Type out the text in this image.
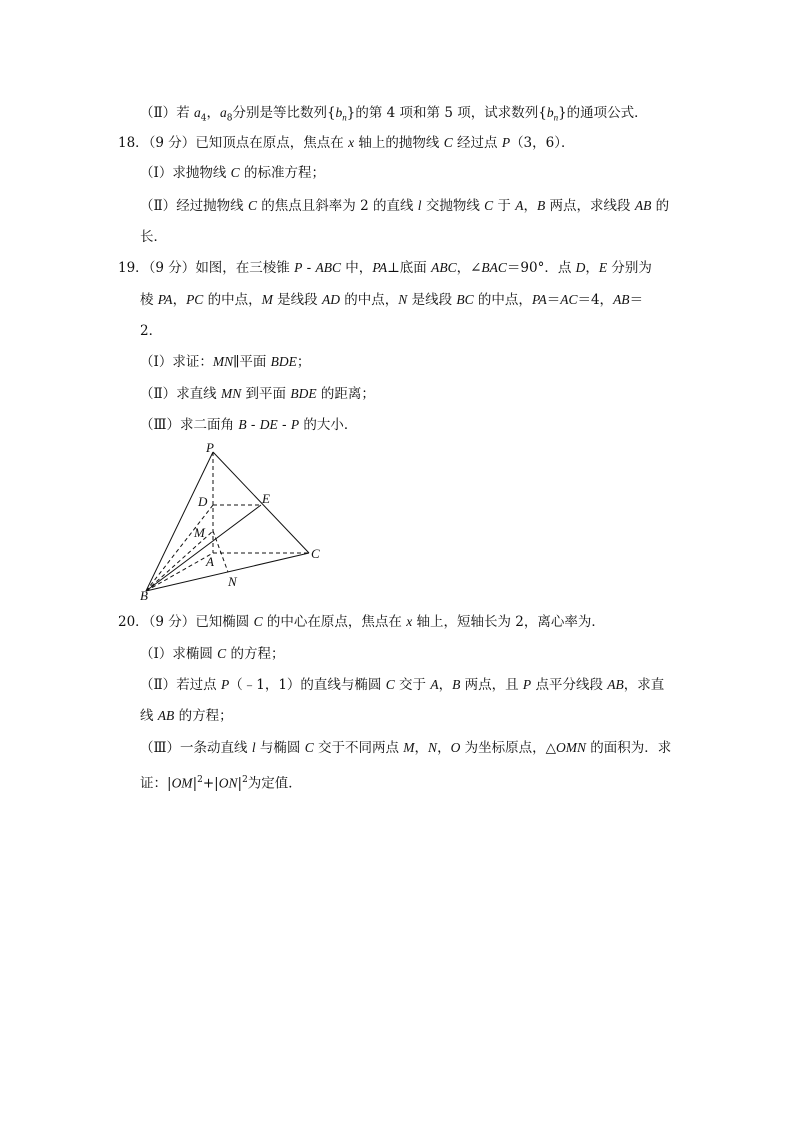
（Ⅱ）若 $a_4$，$a_8$分别是等比数列$\{b_n\}$的第 4 项和第 5 项，试求数列$\{b_n\}$的通项公式．
18．（9 分）已知顶点在原点，焦点在 x 轴上的抛物线 C 经过点 P（3，6）．
（Ⅰ）求抛物线 C 的标准方程；
（Ⅱ）经过抛物线 C 的焦点且斜率为 2 的直线 l 交抛物线 C 于 A，B 两点，求线段 AB 的
长．
19．（9 分）如图，在三棱锥 P - ABC 中，PA⊥底面 ABC，∠BAC＝90°．点 D，E 分别为
棱 PA，PC 的中点，M 是线段 AD 的中点，N 是线段 BC 的中点，PA＝AC＝4，AB＝
2．
（Ⅰ）求证：MN∥平面 BDE；
（Ⅱ）求直线 MN 到平面 BDE 的距离；
（Ⅲ）求二面角 B - DE - P 的大小．
P
D	E
M
A
C
N
B
20．（9 分）已知椭圆 C 的中心在原点，焦点在 x 轴上，短轴长为 2，离心率为．
（Ⅰ）求椭圆 C 的方程；
（Ⅱ）若过点 P（﹣1，1）的直线与椭圆 C 交于 A，B 两点，且 P 点平分线段 AB，求直
线 AB 的方程；
（Ⅲ）一条动直线 l 与椭圆 C 交于不同两点 M，N，O 为坐标原点，△OMN 的面积为．求
证：$|OM|^2+|ON|^2$为定值．
